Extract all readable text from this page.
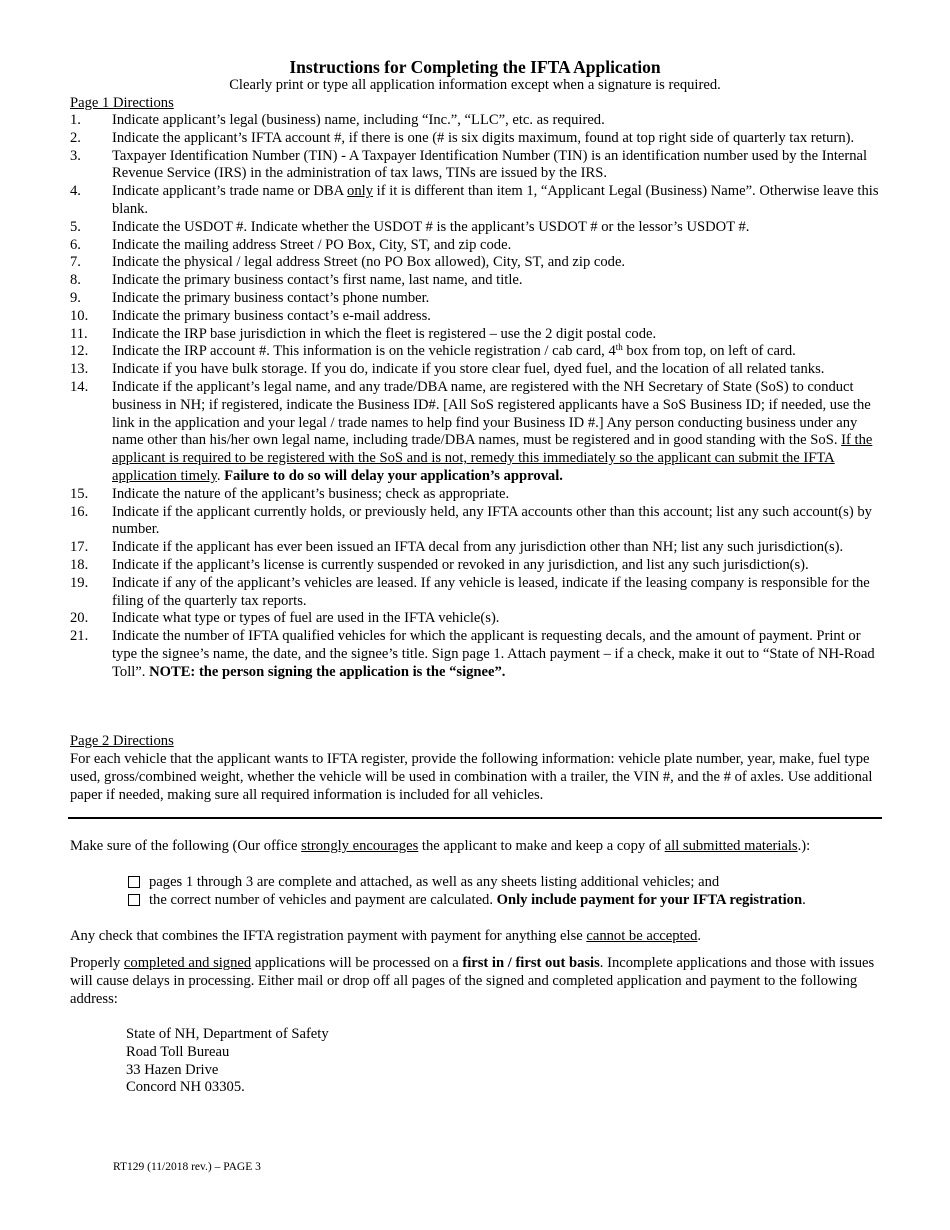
Instructions for Completing the IFTA Application
Clearly print or type all application information except when a signature is required.
Page 1 Directions
1. Indicate applicant’s legal (business) name, including “Inc.”, “LLC”, etc. as required.
2. Indicate the applicant’s IFTA account #, if there is one (# is six digits maximum, found at top right side of quarterly tax return).
3. Taxpayer Identification Number (TIN) - A Taxpayer Identification Number (TIN) is an identification number used by the Internal Revenue Service (IRS) in the administration of tax laws, TINs are issued by the IRS.
4. Indicate applicant’s trade name or DBA only if it is different than item 1, “Applicant Legal (Business) Name”. Otherwise leave this blank.
5. Indicate the USDOT #. Indicate whether the USDOT # is the applicant’s USDOT # or the lessor’s USDOT #.
6. Indicate the mailing address Street / PO Box, City, ST, and zip code.
7. Indicate the physical / legal address Street (no PO Box allowed), City, ST, and zip code.
8. Indicate the primary business contact’s first name, last name, and title.
9. Indicate the primary business contact’s phone number.
10. Indicate the primary business contact’s e-mail address.
11. Indicate the IRP base jurisdiction in which the fleet is registered – use the 2 digit postal code.
12. Indicate the IRP account #. This information is on the vehicle registration / cab card, 4th box from top, on left of card.
13. Indicate if you have bulk storage. If you do, indicate if you store clear fuel, dyed fuel, and the location of all related tanks.
14. Indicate if the applicant’s legal name, and any trade/DBA name, are registered with the NH Secretary of State (SoS) to conduct business in NH; if registered, indicate the Business ID#. [All SoS registered applicants have a SoS Business ID; if needed, use the link in the application and your legal / trade names to help find your Business ID #.] Any person conducting business under any name other than his/her own legal name, including trade/DBA names, must be registered and in good standing with the SoS. If the applicant is required to be registered with the SoS and is not, remedy this immediately so the applicant can submit the IFTA application timely. Failure to do so will delay your application’s approval.
15. Indicate the nature of the applicant’s business; check as appropriate.
16. Indicate if the applicant currently holds, or previously held, any IFTA accounts other than this account; list any such account(s) by number.
17. Indicate if the applicant has ever been issued an IFTA decal from any jurisdiction other than NH; list any such jurisdiction(s).
18. Indicate if the applicant’s license is currently suspended or revoked in any jurisdiction, and list any such jurisdiction(s).
19. Indicate if any of the applicant’s vehicles are leased. If any vehicle is leased, indicate if the leasing company is responsible for the filing of the quarterly tax reports.
20. Indicate what type or types of fuel are used in the IFTA vehicle(s).
21. Indicate the number of IFTA qualified vehicles for which the applicant is requesting decals, and the amount of payment. Print or type the signee’s name, the date, and the signee’s title. Sign page 1. Attach payment – if a check, make it out to “State of NH-Road Toll”. NOTE: the person signing the application is the “signee”.
Page 2 Directions
For each vehicle that the applicant wants to IFTA register, provide the following information: vehicle plate number, year, make, fuel type used, gross/combined weight, whether the vehicle will be used in combination with a trailer, the VIN #, and the # of axles. Use additional paper if needed, making sure all required information is included for all vehicles.
Make sure of the following (Our office strongly encourages the applicant to make and keep a copy of all submitted materials.):
pages 1 through 3 are complete and attached, as well as any sheets listing additional vehicles; and
the correct number of vehicles and payment are calculated. Only include payment for your IFTA registration.
Any check that combines the IFTA registration payment with payment for anything else cannot be accepted.
Properly completed and signed applications will be processed on a first in / first out basis. Incomplete applications and those with issues will cause delays in processing. Either mail or drop off all pages of the signed and completed application and payment to the following address:
State of NH, Department of Safety
Road Toll Bureau
33 Hazen Drive
Concord NH 03305.
RT129 (11/2018 rev.) – PAGE 3
